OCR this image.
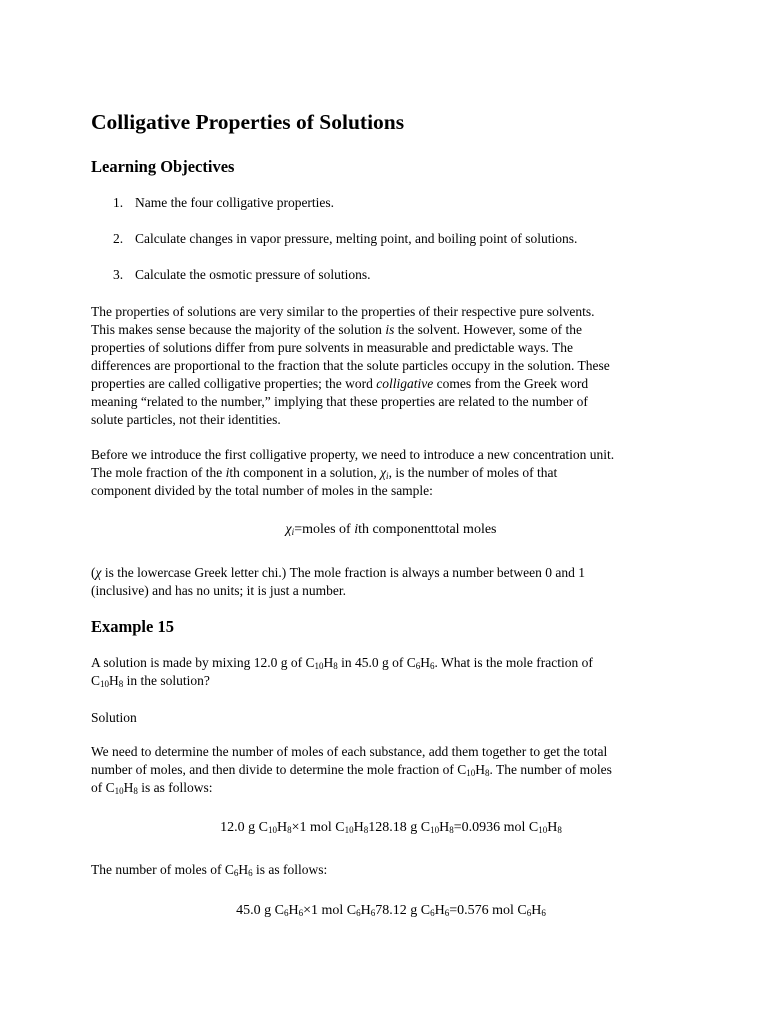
Colligative Properties of Solutions
Learning Objectives
1. Name the four colligative properties.
2. Calculate changes in vapor pressure, melting point, and boiling point of solutions.
3. Calculate the osmotic pressure of solutions.
The properties of solutions are very similar to the properties of their respective pure solvents.
This makes sense because the majority of the solution is the solvent. However, some of the
properties of solutions differ from pure solvents in measurable and predictable ways. The
differences are proportional to the fraction that the solute particles occupy in the solution. These
properties are called colligative properties; the word colligative comes from the Greek word
meaning “related to the number,” implying that these properties are related to the number of
solute particles, not their identities.
Before we introduce the first colligative property, we need to introduce a new concentration unit.
The mole fraction of the ith component in a solution, $\chi_i$, is the number of moles of that
component divided by the total number of moles in the sample:
$\chi_i=moles$ of ith componenttotal moles
(χ is the lowercase Greek letter chi.) The mole fraction is always a number between 0 and 1
(inclusive) and has no units; it is just a number.
Example 15
A solution is made by mixing 12.0 g of $C_{10}H_8$ in 45.0 g of $C_6H_6$. What is the mole fraction of
$C_{10}H_8$ in the solution?
Solution
We need to determine the number of moles of each substance, add them together to get the total
number of moles, and then divide to determine the mole fraction of $C_{10}H_8$. The number of moles
of $C_{10}H_8$ is as follows:
12.0 g $C_{10}H_8\times 1$ mol $C_{10}H_8128.18$ g $C_{10}H_8=0.0936$ mol $C_{10}H_8$
The number of moles of $C_6H_6$ is as follows:
45.0 g $C_6H_6\times 1$ mol $C_6H_678.12$ g $C_6H_6=0.576$ mol $C_6H_6$
